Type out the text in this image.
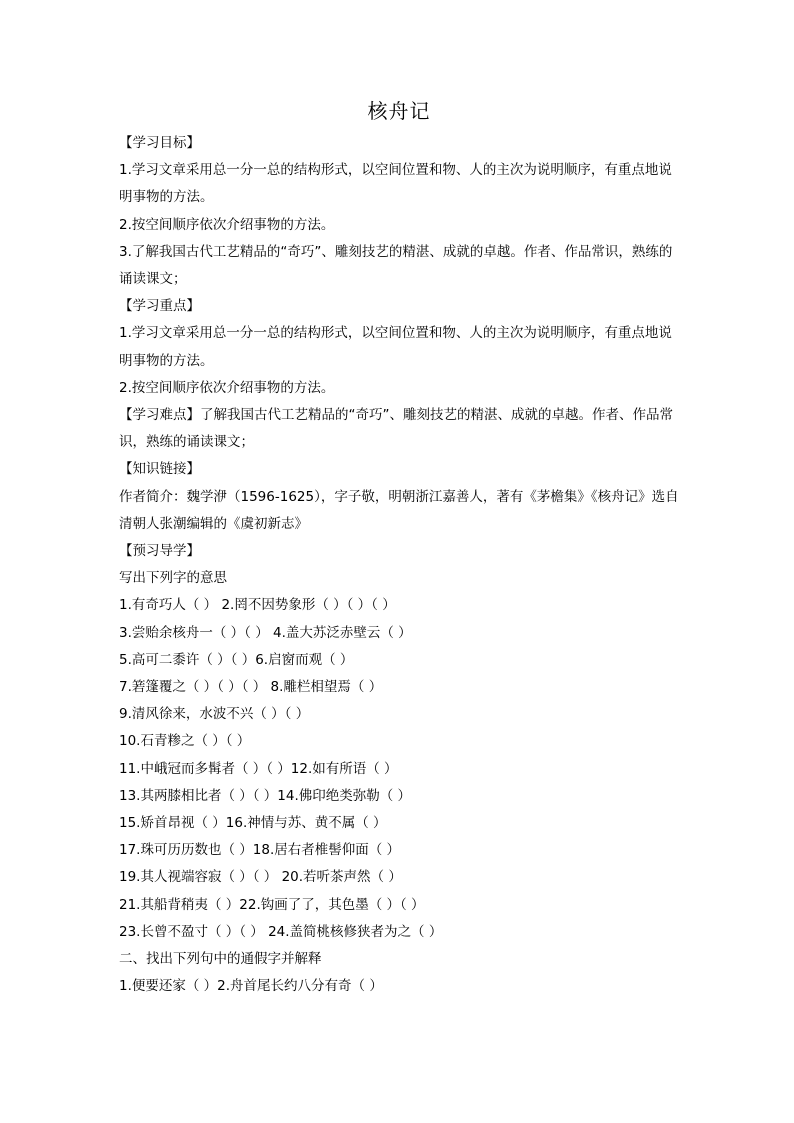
核舟记
【学习目标】
1.学习文章采用总一分一总的结构形式，以空间位置和物、人的主次为说明顺序，有重点地说明事物的方法。
2.按空间顺序依次介绍事物的方法。
3.了解我国古代工艺精品的“奇巧”、雕刻技艺的精湛、成就的卓越。作者、作品常识，熟练的诵读课文；
【学习重点】
1.学习文章采用总一分一总的结构形式，以空间位置和物、人的主次为说明顺序，有重点地说明事物的方法。
2.按空间顺序依次介绍事物的方法。
【学习难点】了解我国古代工艺精品的“奇巧”、雕刻技艺的精湛、成就的卓越。作者、作品常识，熟练的诵读课文；
【知识链接】
作者简介：魏学洢（1596-1625），字子敬，明朝浙江嘉善人，著有《茅檐集》《核舟记》选自清朝人张潮编辑的《虞初新志》
【预习导学】
写出下列字的意思
1.有奇巧人（ ） 2.罔不因势象形（ ）（ ）（ ）
3.尝贻余核舟一（ ）（ ） 4.盖大苏泛赤壁云（ ）
5.高可二黍许（ ）（ ）6.启窗而观（ ）
7.箬篷覆之（ ）（ ）（ ） 8.雕栏相望焉（ ）
9.清风徐来，水波不兴（ ）（ ）
10.石青糁之（ ）（ ）
11.中峨冠而多髯者（ ）（ ）12.如有所语（ ）
13.其两膝相比者（ ）（ ）14.佛印绝类弥勒（ ）
15.矫首昂视（ ）16.神情与苏、黄不属（ ）
17.珠可历历数也（ ）18.居右者椎髻仰面（ ）
19.其人视端容寂（ ）（ ） 20.若听茶声然（ ）
21.其船背稍夷（ ）22.钩画了了，其色墨（ ）（ ）
23.长曾不盈寸（ ）（ ） 24.盖简桃核修狭者为之（ ）
二、找出下列句中的通假字并解释
1.便要还家（ ）2.舟首尾长约八分有奇（ ）
